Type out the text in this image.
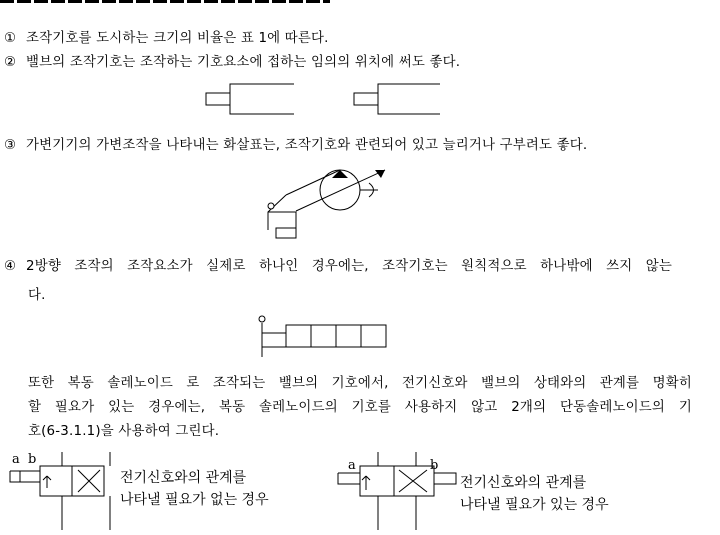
① 조작기호를 도시하는 크기의 비율은 표 1에 따른다.
② 밸브의 조작기호는 조작하는 기호요소에 접하는 임의의 위치에 써도 좋다.
③ 가변기기의 가변조작을 나타내는 화살표는, 조작기호와 관련되어 있고 늘리거나 구부려도 좋다.
④ 2방향 조작의 조작요소가 실제로 하나인 경우에는, 조작기호는 원칙적으로 하나밖에 쓰지 않는
다.
또한 복동 솔레노이드 로 조작되는 밸브의 기호에서, 전기신호와 밸브의 상태와의 관계를 명확히
할 필요가 있는 경우에는, 복동 솔레노이드의 기호를 사용하지 않고 2개의 단동솔레노이드의 기
호(6-3.1.1)을 사용하여 그린다.
a b
전기신호와의 관계를
나타낼 필요가 없는 경우
a	b
전기신호와의 관계를
나타낼 필요가 있는 경우
